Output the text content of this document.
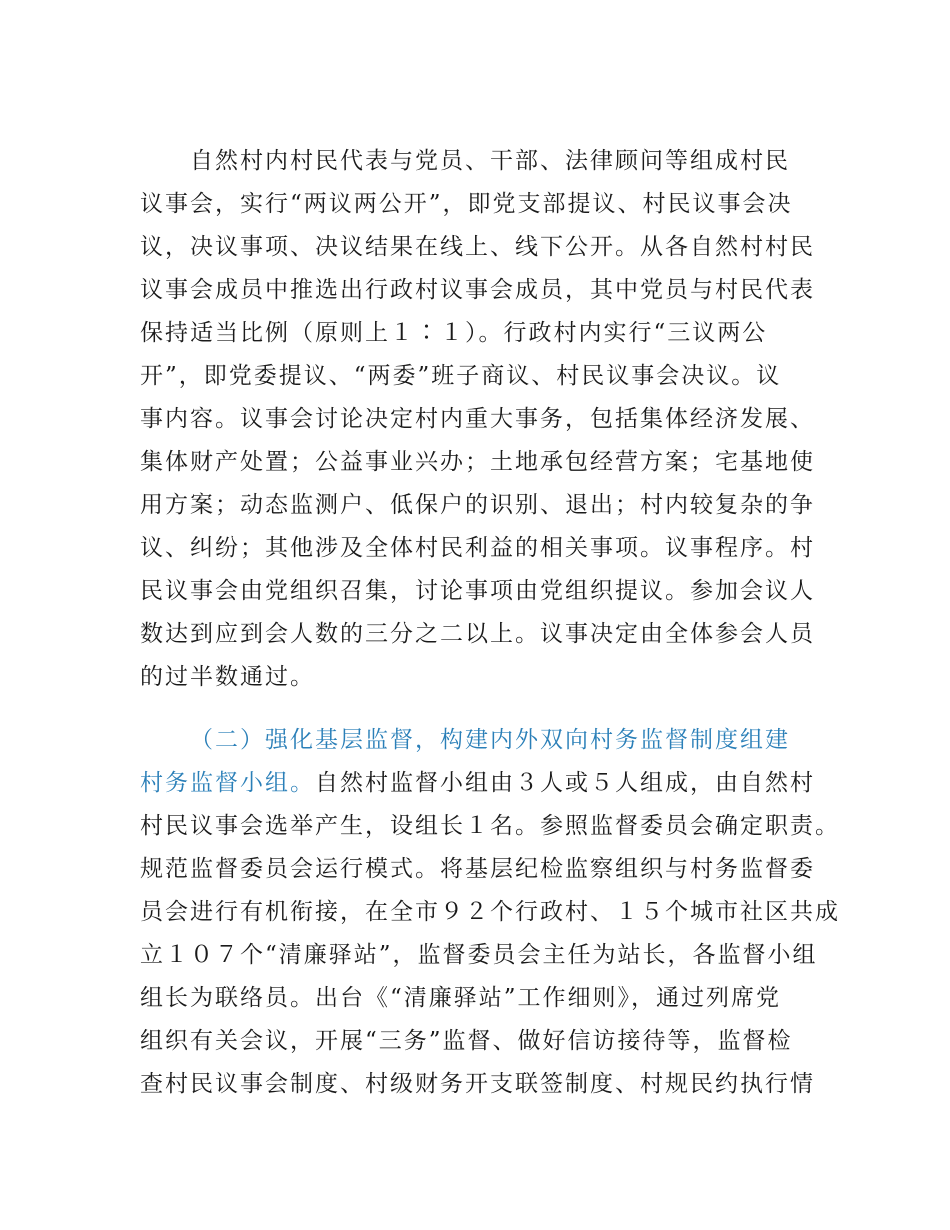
自然村内村民代表与党员、干部、法律顾问等组成村民
议事会，实行“两议两公开”，即党支部提议、村民议事会决
议，决议事项、决议结果在线上、线下公开。从各自然村村民
议事会成员中推选出行政村议事会成员，其中党员与村民代表
保持适当比例（原则上１∶１）。行政村内实行“三议两公
开”，即党委提议、“两委”班子商议、村民议事会决议。议
事内容。议事会讨论决定村内重大事务，包括集体经济发展、
集体财产处置；公益事业兴办；土地承包经营方案；宅基地使
用方案；动态监测户、低保户的识别、退出；村内较复杂的争
议、纠纷；其他涉及全体村民利益的相关事项。议事程序。村
民议事会由党组织召集，讨论事项由党组织提议。参加会议人
数达到应到会人数的三分之二以上。议事决定由全体参会人员
的过半数通过。
（二）强化基层监督，构建内外双向村务监督制度组建
村务监督小组。自然村监督小组由３人或５人组成，由自然村
村民议事会选举产生，设组长１名。参照监督委员会确定职责。
规范监督委员会运行模式。将基层纪检监察组织与村务监督委
员会进行有机衔接，在全市９２个行政村、１５个城市社区共成
立１０７个“清廉驿站”，监督委员会主任为站长，各监督小组
组长为联络员。出台《“清廉驿站”工作细则》，通过列席党
组织有关会议，开展“三务”监督、做好信访接待等，监督检
查村民议事会制度、村级财务开支联签制度、村规民约执行情
